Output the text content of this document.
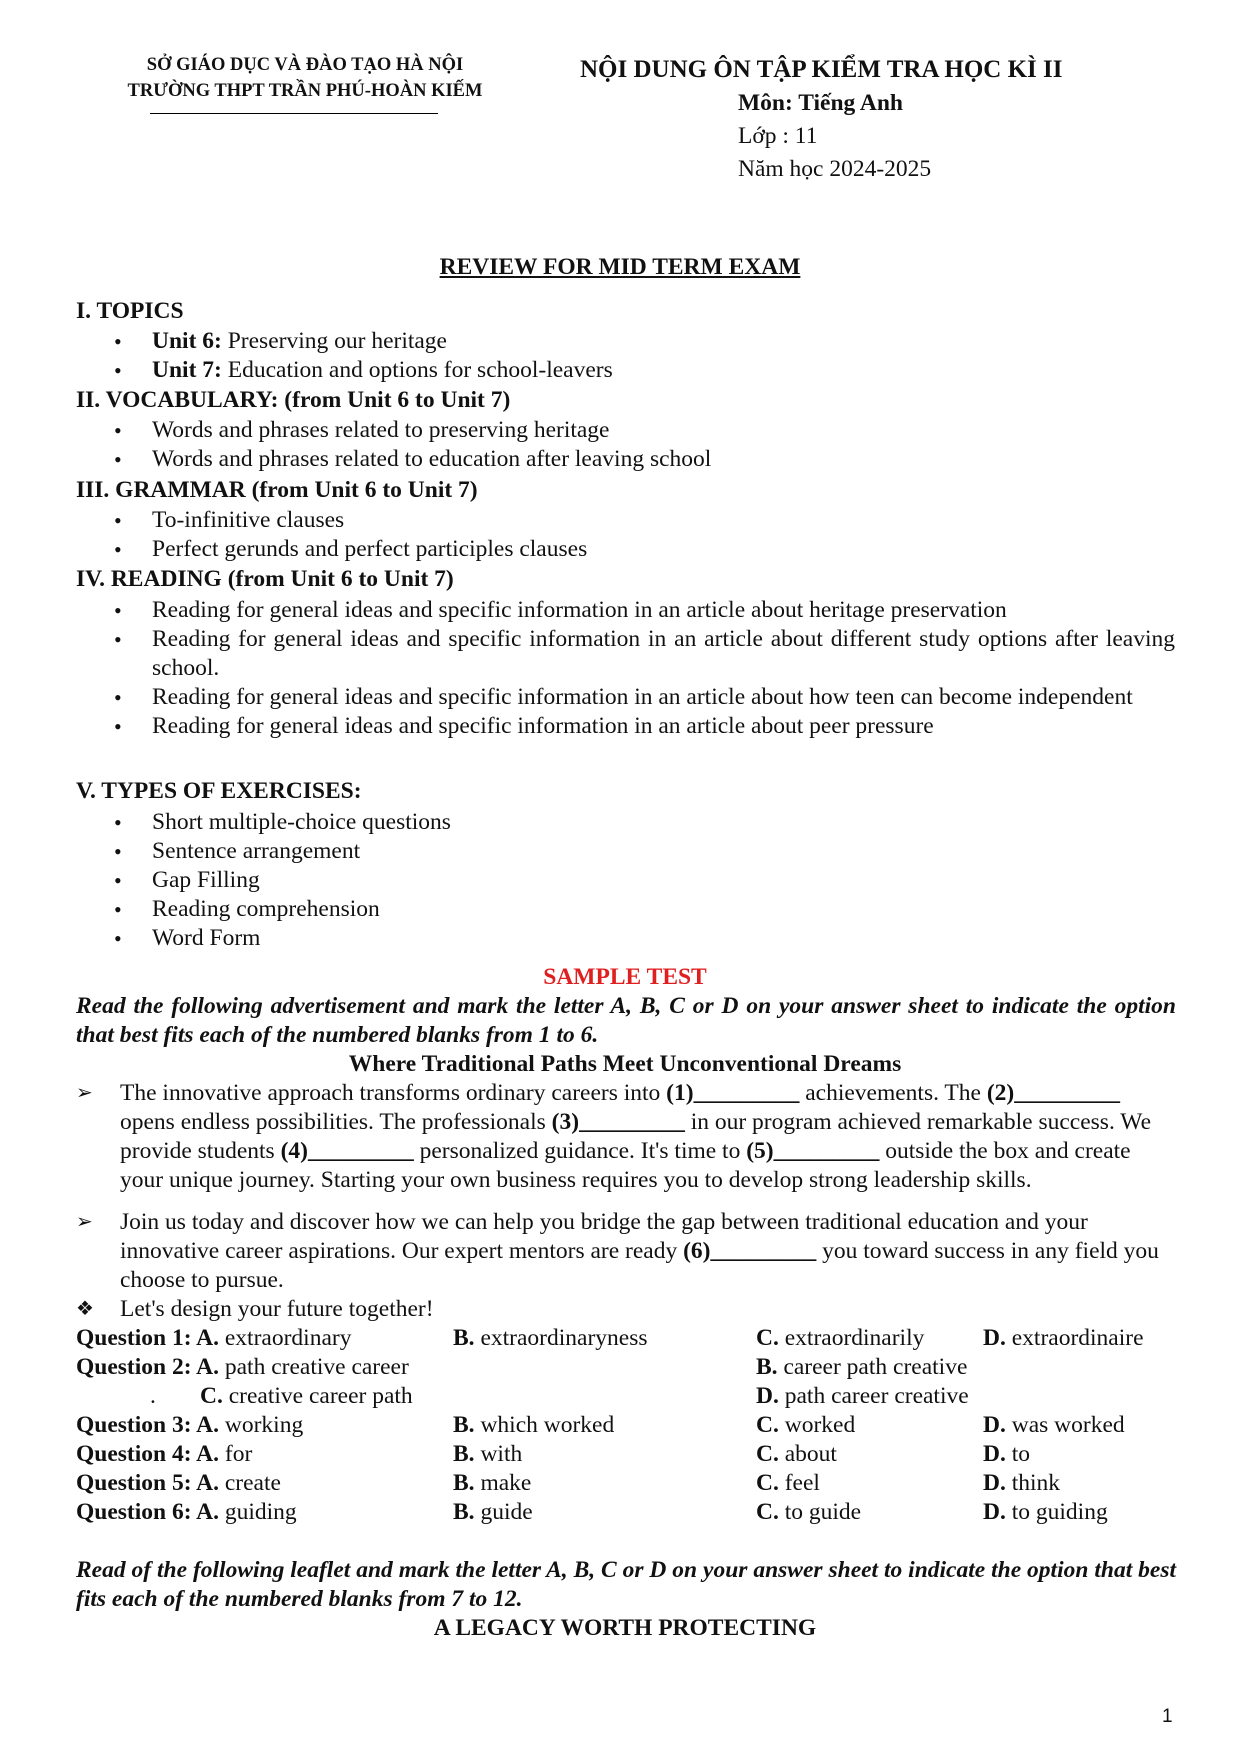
SỞ GIÁO DỤC VÀ ĐÀO TẠO HÀ NỘI
TRƯỜNG THPT TRẦN PHÚ-HOÀN KIẾM
NỘI DUNG ÔN TẬP KIỂM TRA HỌC KÌ II
Môn: Tiếng Anh
Lớp : 11
Năm học 2024-2025
REVIEW FOR MID TERM EXAM
I. TOPICS
• Unit 6: Preserving our heritage
• Unit 7: Education and options for school-leavers
II. VOCABULARY: (from Unit 6 to Unit 7)
• Words and phrases related to preserving heritage
• Words and phrases related to education after leaving school
III. GRAMMAR (from Unit 6 to Unit 7)
• To-infinitive clauses
• Perfect gerunds and perfect participles clauses
IV. READING (from Unit 6 to Unit 7)
• Reading for general ideas and specific information in an article about heritage preservation
• Reading for general ideas and specific information in an article about different study options after leaving school.
• Reading for general ideas and specific information in an article about how teen can become independent
• Reading for general ideas and specific information in an article about peer pressure
V. TYPES OF EXERCISES:
• Short multiple-choice questions
• Sentence arrangement
• Gap Filling
• Reading comprehension
• Word Form
SAMPLE TEST
Read the following advertisement and mark the letter A, B, C or D on your answer sheet to indicate the option that best fits each of the numbered blanks from 1 to 6.
Where Traditional Paths Meet Unconventional Dreams
➢	The innovative approach transforms ordinary careers into (1)_________ achievements. The (2)_________ opens endless possibilities. The professionals (3)_________ in our program achieved remarkable success. We provide students (4)_________ personalized guidance. It's time to (5)_________ outside the box and create your unique journey. Starting your own business requires you to develop strong leadership skills.
➢	Join us today and discover how we can help you bridge the gap between traditional education and your innovative career aspirations. Our expert mentors are ready (6)_________ you toward success in any field you choose to pursue.
❖	Let's design your future together!
Question 1: A. extraordinary	B. extraordinaryness	C. extraordinarily D. extraordinaire
Question 2: A. path creative career	B. career path creative
. C. creative career path	D. path career creative
Question 3: A. working	B. which worked	C. worked	D. was worked
Question 4: A. for	B. with	C. about	D. to
Question 5: A. create	B. make	C. feel	D. think
Question 6: A. guiding	B. guide	C. to guide	D. to guiding
Read of the following leaflet and mark the letter A, B, C or D on your answer sheet to indicate the option that best fits each of the numbered blanks from 7 to 12.
A LEGACY WORTH PROTECTING
1
